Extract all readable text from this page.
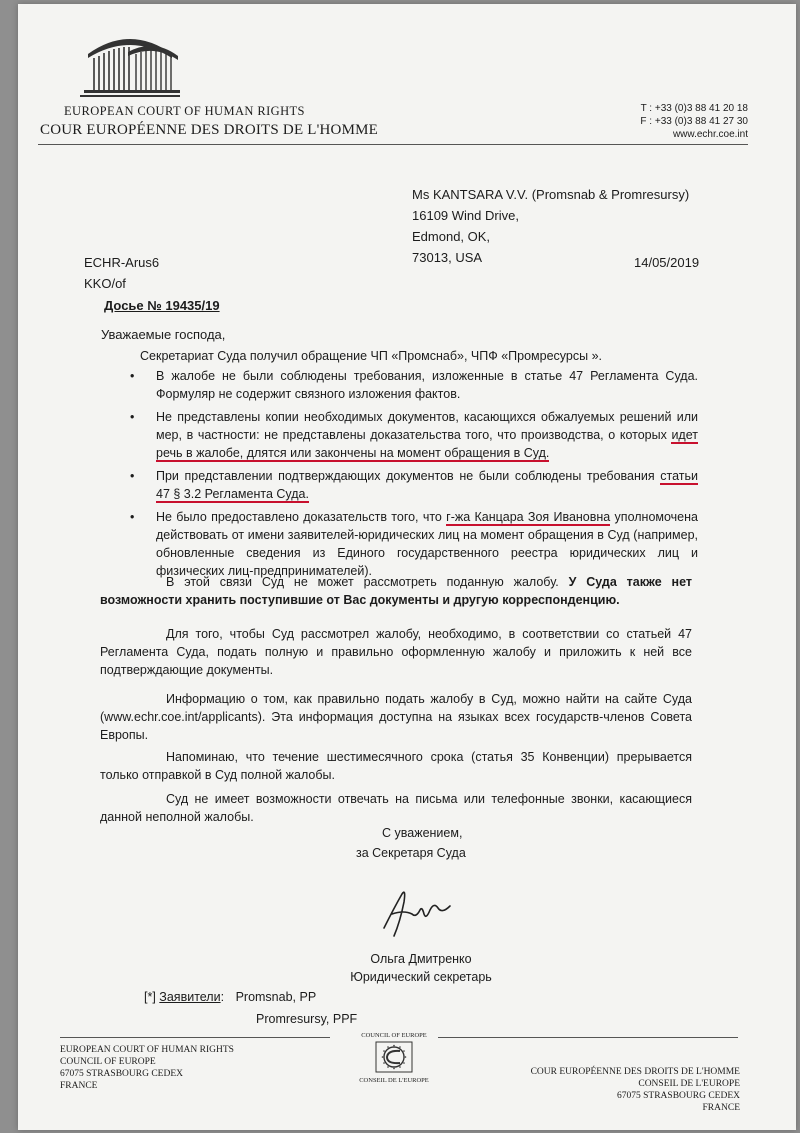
EUROPEAN COURT OF HUMAN RIGHTS
COUR EUROPÉENNE DES DROITS DE L'HOMME
T : +33 (0)3 88 41 20 18
F : +33 (0)3 88 41 27 30
www.echr.coe.int
Ms KANTSARA V.V. (Promsnab & Promresursy)
16109 Wind Drive,
Edmond, OK,
73013, USA
ECHR-Arus6
KKO/of
14/05/2019
Досье № 19435/19
Уважаемые господа,
Секретариат Суда получил обращение ЧП «Промснаб», ЧПФ «Промресурсы ».
• В жалобе не были соблюдены требования, изложенные в статье 47 Регламента Суда. Формуляр не содержит связного изложения фактов.
• Не представлены копии необходимых документов, касающихся обжалуемых решений или мер, в частности: не представлены доказательства того, что производства, о которых идет речь в жалобе, длятся или закончены на момент обращения в Суд.
• При представлении подтверждающих документов не были соблюдены требования статьи 47 § 3.2 Регламента Суда.
• Не было предоставлено доказательств того, что г-жа Канцара Зоя Ивановна уполномочена действовать от имени заявителей-юридических лиц на момент обращения в Суд (например, обновленные сведения из Единого государственного реестра юридических лиц и физических лиц-предпринимателей).
В этой связи Суд не может рассмотреть поданную жалобу. У Суда также нет возможности хранить поступившие от Вас документы и другую корреспонденцию.
Для того, чтобы Суд рассмотрел жалобу, необходимо, в соответствии со статьей 47 Регламента Суда, подать полную и правильно оформленную жалобу и приложить к ней все подтверждающие документы.
Информацию о том, как правильно подать жалобу в Суд, можно найти на сайте Суда (www.echr.coe.int/applicants). Эта информация доступна на языках всех государств-членов Совета Европы.
Напоминаю, что течение шестимесячного срока (статья 35 Конвенции) прерывается только отправкой в Суд полной жалобы.
Суд не имеет возможности отвечать на письма или телефонные звонки, касающиеся данной неполной жалобы.
С уважением,
за Секретаря Суда
Ольга Дмитренко
Юридический секретарь
[*] Заявители: Promsnab, PP
Promresursy, PPF
EUROPEAN COURT OF HUMAN RIGHTS
COUNCIL OF EUROPE
67075 STRASBOURG CEDEX
FRANCE
COUNCIL OF EUROPE
CONSEIL DE L'EUROPE
COUR EUROPÉENNE DES DROITS DE L'HOMME
CONSEIL DE L'EUROPE
67075 STRASBOURG CEDEX
FRANCE
